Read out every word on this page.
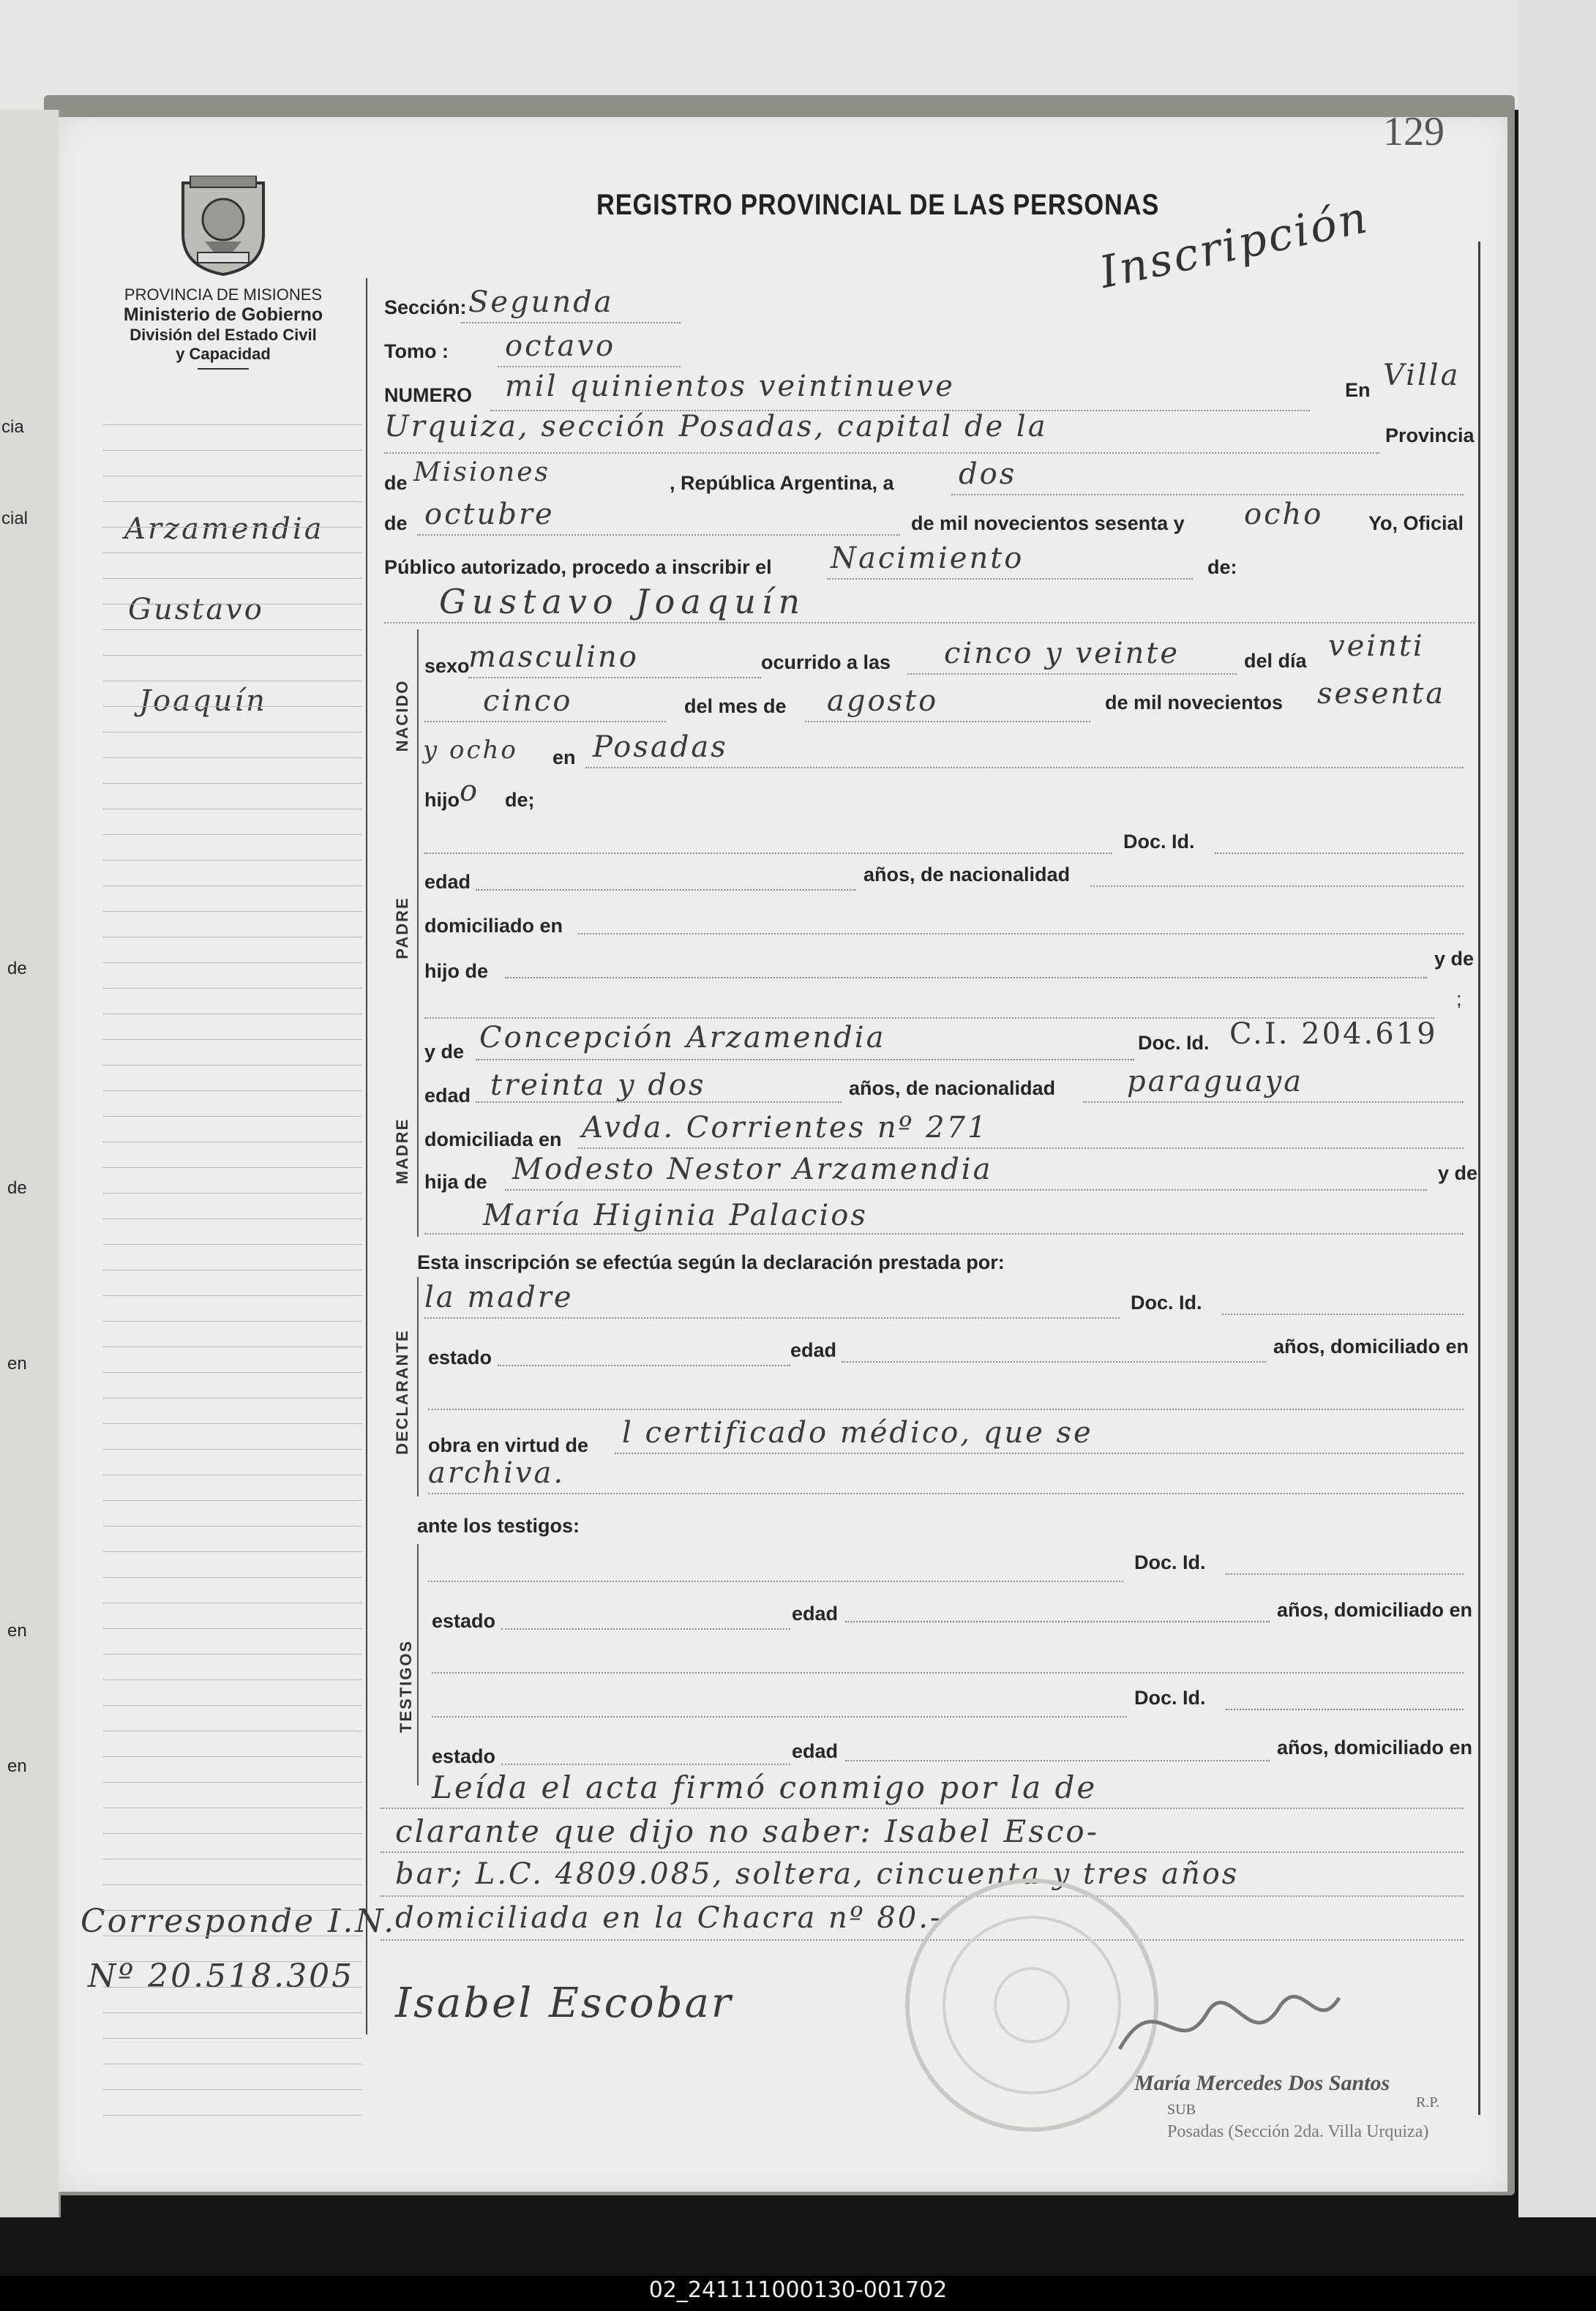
cia
cial
de
de
en
en
en
129
PROVINCIA DE MISIONES
Ministerio de Gobierno
División del Estado Civil
y Capacidad
REGISTRO PROVINCIAL DE LAS PERSONAS
Inscripción
Arzamendia
Gustavo
Joaquín
Corresponde I.N.
Nº 20.518.305
Sección: Segunda
Tomo : octavo
NUMERO mil quinientos veintinueve	En Villa
Urquiza, sección Posadas, capital de la	Provincia
de Misiones	, República Argentina, a dos
de octubre	de mil novecientos sesenta y ocho Yo, Oficial
Público autorizado, procedo a inscribir el Nacimiento	de:
Gustavo Joaquín
NACIDO
sexo
masculino	ocurrido a las cinco y veinte	del día veinti
cinco	del mes de agosto	de mil novecientos sesenta
y ocho en Posadas
hijo o de;
PADRE
Doc. Id.
edad	años, de nacionalidad
domiciliado en
hijo de
y de
;
MADRE
y de Concepción Arzamendia	Doc. Id. C.I. 204.619
edad treinta y dos	años, de nacionalidad paraguaya
domiciliada en Avda. Corrientes nº 271
hija de Modesto Nestor Arzamendia	y de
María Higinia Palacios
Esta inscripción se efectúa según la declaración prestada por:
DECLARANTE
la madre	Doc. Id.
estado	edad	años, domiciliado en
obra en virtud de l certificado médico, que se
archiva.
ante los testigos:
TESTIGOS
Doc. Id.
estado	edad	años, domiciliado en
Doc. Id.
estado	edad	años, domiciliado en
Leída el acta firmó conmigo por la de
clarante que dijo no saber: Isabel Esco-
bar; L.C. 4809.085, soltera, cincuenta y tres años
domiciliada en la Chacra nº 80.-
Isabel Escobar
María Mercedes Dos Santos
SUB	R.P.
Posadas (Sección 2da. Villa Urquiza)
02_241111000130-001702
